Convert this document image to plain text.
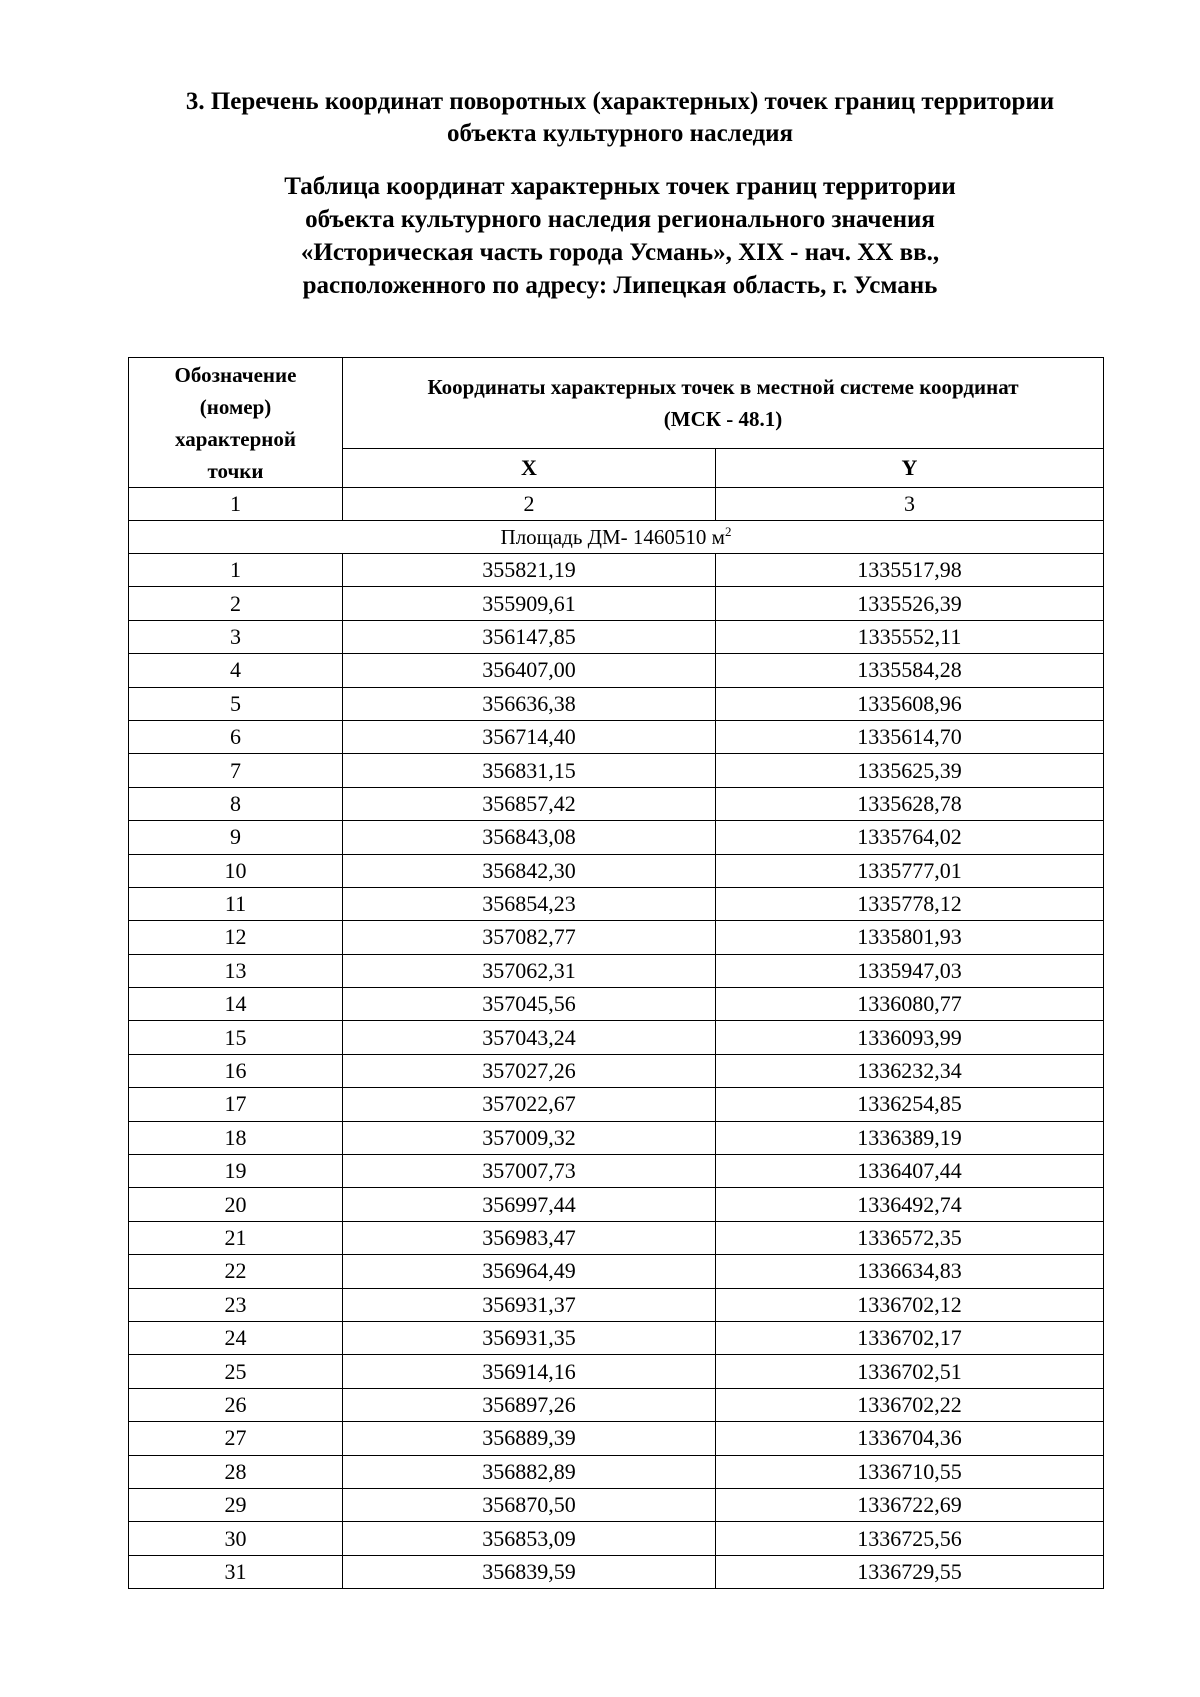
3. Перечень координат поворотных (характерных) точек границ территории
объекта культурного наследия
Таблица координат характерных точек границ территории
объекта культурного наследия регионального значения
«Историческая часть города Усмань», XIX - нач. XX вв.,
расположенного по адресу: Липецкая область, г. Усмань
Обозначение
(номер)
характерной
точки	Координаты характерных точек в местной системе координат
(МСК - 48.1)	

	X	Y
1	2	3
Площадь ДМ- 1460510 $м^2$
1	355821,19	1335517,98
2	355909,61	1335526,39
3	356147,85	1335552,11
4	356407,00	1335584,28
5	356636,38	1335608,96
6	356714,40	1335614,70
7	356831,15	1335625,39
8	356857,42	1335628,78
9	356843,08	1335764,02
10	356842,30	1335777,01
11	356854,23	1335778,12
12	357082,77	1335801,93
13	357062,31	1335947,03
14	357045,56	1336080,77
15	357043,24	1336093,99
16	357027,26	1336232,34
17	357022,67	1336254,85
18	357009,32	1336389,19
19	357007,73	1336407,44
20	356997,44	1336492,74
21	356983,47	1336572,35
22	356964,49	1336634,83
23	356931,37	1336702,12
24	356931,35	1336702,17
25	356914,16	1336702,51
26	356897,26	1336702,22
27	356889,39	1336704,36
28	356882,89	1336710,55
29	356870,50	1336722,69
30	356853,09	1336725,56
31	356839,59	1336729,55
